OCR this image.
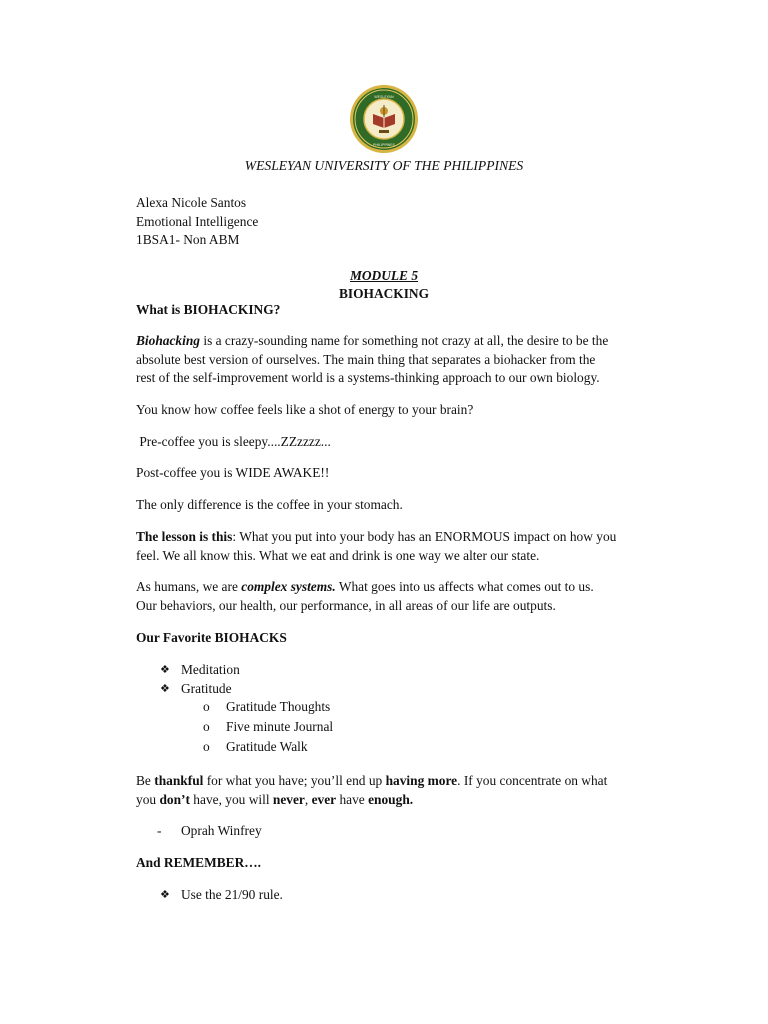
WESLEYAN
PHILIPPINES
WESLEYAN UNIVERSITY OF THE PHILIPPINES
Alexa Nicole Santos
Emotional Intelligence
1BSA1- Non ABM
MODULE 5
BIOHACKING
What is BIOHACKING?
Biohacking is a crazy-sounding name for something not crazy at all, the desire to be the
absolute best version of ourselves. The main thing that separates a biohacker from the
rest of the self-improvement world is a systems-thinking approach to our own biology.
You know how coffee feels like a shot of energy to your brain?
Pre-coffee you is sleepy....ZZzzzz...
Post-coffee you is WIDE AWAKE!!
The only difference is the coffee in your stomach.
The lesson is this: What you put into your body has an ENORMOUS impact on how you
feel. We all know this. What we eat and drink is one way we alter our state.
As humans, we are complex systems. What goes into us affects what comes out to us.
Our behaviors, our health, our performance, in all areas of our life are outputs.
Our Favorite BIOHACKS
❖ Meditation
❖ Gratitude
o Gratitude Thoughts
o Five minute Journal
o Gratitude Walk
Be thankful for what you have; you’ll end up having more. If you concentrate on what
you don’t have, you will never, ever have enough.
- Oprah Winfrey
And REMEMBER….
❖ Use the 21/90 rule.
